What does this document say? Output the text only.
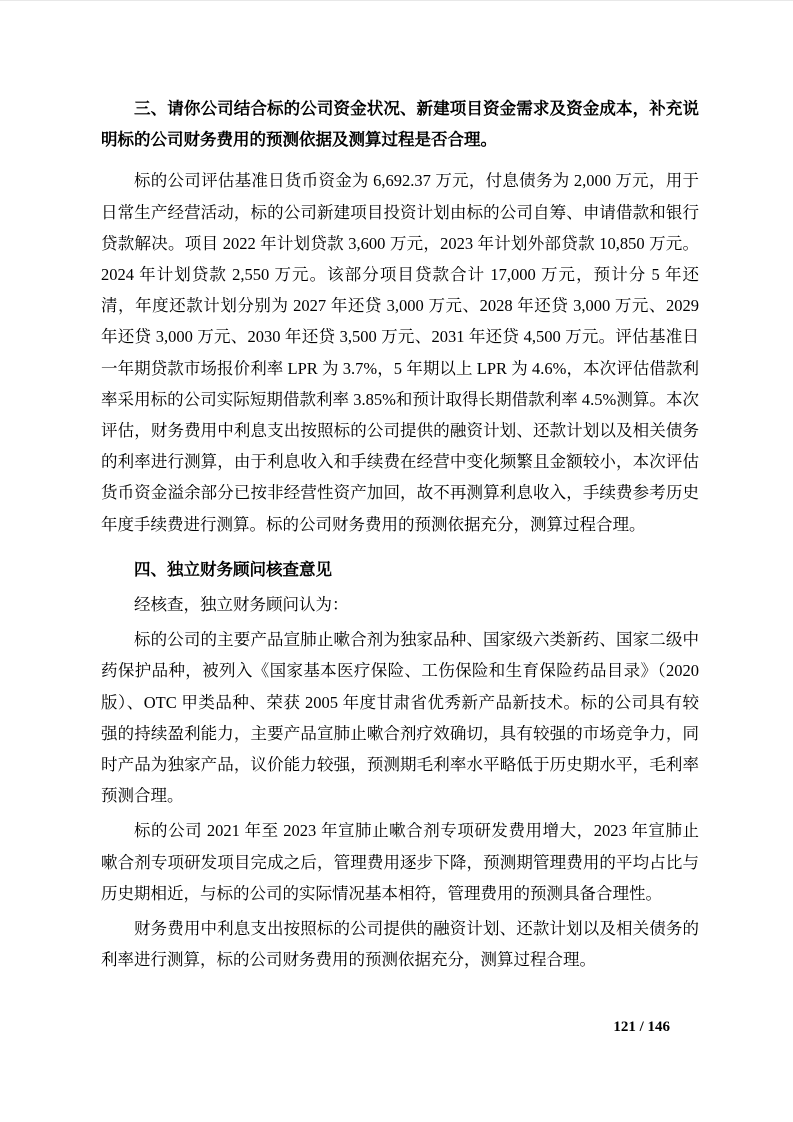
三、请你公司结合标的公司资金状况、新建项目资金需求及资金成本，补充说明标的公司财务费用的预测依据及测算过程是否合理。

标的公司评估基准日货币资金为 6,692.37 万元，付息债务为 2,000 万元，用于日常生产经营活动，标的公司新建项目投资计划由标的公司自筹、申请借款和银行贷款解决。项目 2022 年计划贷款 3,600 万元，2023 年计划外部贷款 10,850 万元。2024 年计划贷款 2,550 万元。该部分项目贷款合计 17,000 万元，预计分 5 年还清，年度还款计划分别为 2027 年还贷 3,000 万元、2028 年还贷 3,000 万元、2029 年还贷 3,000 万元、2030 年还贷 3,500 万元、2031 年还贷 4,500 万元。评估基准日一年期贷款市场报价利率 LPR 为 3.7%，5 年期以上 LPR 为 4.6%，本次评估借款利率采用标的公司实际短期借款利率 3.85%和预计取得长期借款利率 4.5%测算。本次评估，财务费用中利息支出按照标的公司提供的融资计划、还款计划以及相关债务的利率进行测算，由于利息收入和手续费在经营中变化频繁且金额较小，本次评估货币资金溢余部分已按非经营性资产加回，故不再测算利息收入，手续费参考历史年度手续费进行测算。标的公司财务费用的预测依据充分，测算过程合理。

四、独立财务顾问核查意见

经核查，独立财务顾问认为：

标的公司的主要产品宣肺止嗽合剂为独家品种、国家级六类新药、国家二级中药保护品种，被列入《国家基本医疗保险、工伤保险和生育保险药品目录》（2020版）、OTC 甲类品种、荣获 2005 年度甘肃省优秀新产品新技术。标的公司具有较强的持续盈利能力，主要产品宣肺止嗽合剂疗效确切，具有较强的市场竞争力，同时产品为独家产品，议价能力较强，预测期毛利率水平略低于历史期水平，毛利率预测合理。

标的公司 2021 年至 2023 年宣肺止嗽合剂专项研发费用增大，2023 年宣肺止嗽合剂专项研发项目完成之后，管理费用逐步下降，预测期管理费用的平均占比与历史期相近，与标的公司的实际情况基本相符，管理费用的预测具备合理性。

财务费用中利息支出按照标的公司提供的融资计划、还款计划以及相关债务的利率进行测算，标的公司财务费用的预测依据充分，测算过程合理。

121 / 146
